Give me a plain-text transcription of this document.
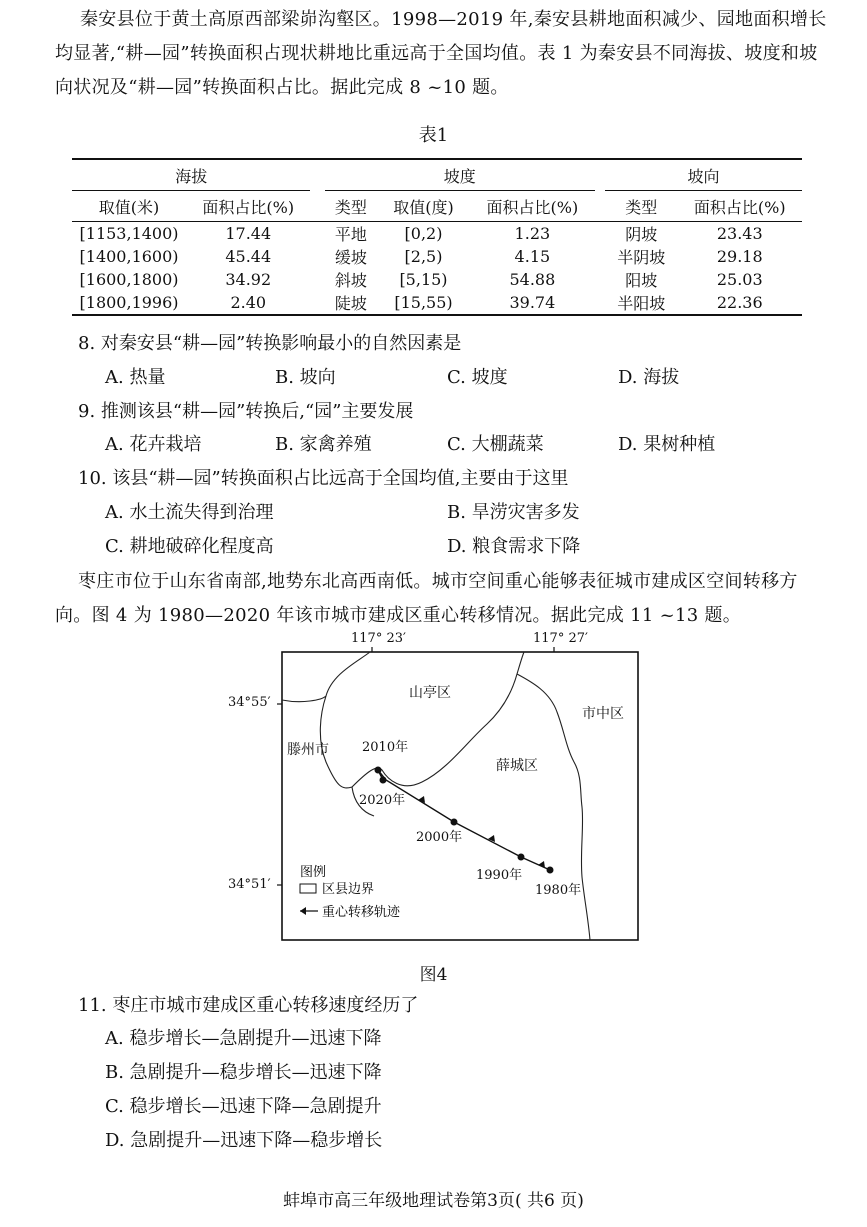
秦安县位于黄土高原西部梁峁沟壑区。1998—2019 年,秦安县耕地面积减少、园地面积增长
均显著,“耕—园”转换面积占现状耕地比重远高于全国均值。表 1 为秦安县不同海拔、坡度和坡
向状况及“耕—园”转换面积占比。据此完成 8 ~10 题。
表1
海拔			坡度				坡向	
取值(米)	面积占比(%)		类型	取值(度)	面积占比(%)		类型	面积占比(%)
[1153,1400)	17.44		平地	[0,2)	1.23		阴坡	23.43
[1400,1600)	45.44		缓坡	[2,5)	4.15		半阴坡	29.18
[1600,1800)	34.92		斜坡	[5,15)	54.88		阳坡	25.03
[1800,1996)	2.40		陡坡	[15,55)	39.74		半阳坡	22.36
8. 对秦安县“耕—园”转换影响最小的自然因素是
A. 热量	B. 坡向	C. 坡度	D. 海拔
9. 推测该县“耕—园”转换后,“园”主要发展
A. 花卉栽培	B. 家禽养殖	C. 大棚蔬菜	D. 果树种植
10. 该县“耕—园”转换面积占比远高于全国均值,主要由于这里
A. 水土流失得到治理	B. 旱涝灾害多发
C. 耕地破碎化程度高	D. 粮食需求下降
枣庄市位于山东省南部,地势东北高西南低。城市空间重心能够表征城市建成区空间转移方
向。图 4 为 1980—2020 年该市城市建成区重心转移情况。据此完成 11 ~13 题。
图例
区县边界
重心转移轨迹
117° 23′	117° 27′
34°55′
34°51′
山亭区
市中区
滕州市
薛城区
2010年
2020年
2000年
1990年
1980年
图4
11. 枣庄市城市建成区重心转移速度经历了
A. 稳步增长—急剧提升—迅速下降
B. 急剧提升—稳步增长—迅速下降
C. 稳步增长—迅速下降—急剧提升
D. 急剧提升—迅速下降—稳步增长
蚌埠市高三年级地理试卷第3页( 共6 页)
